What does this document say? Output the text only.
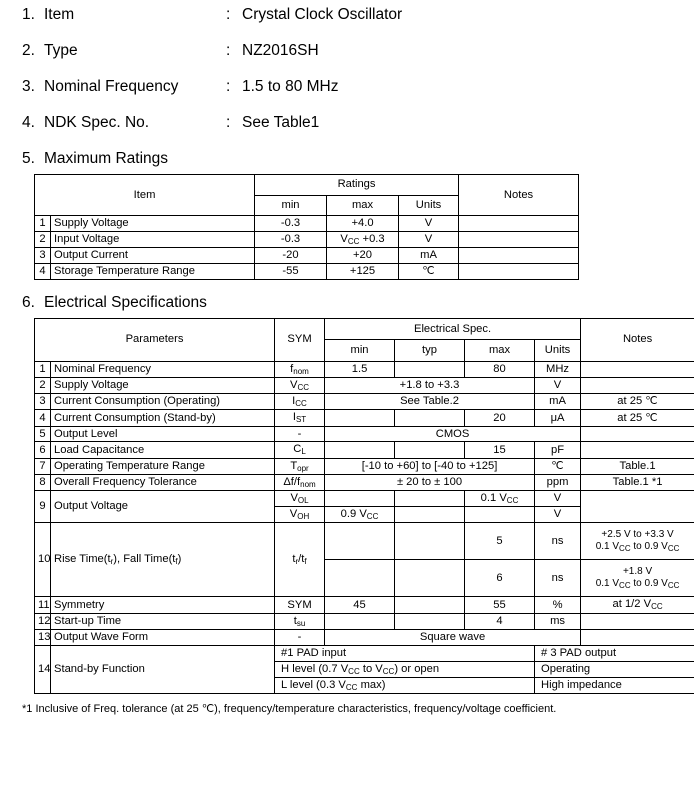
1. Item	: Crystal Clock Oscillator
2. Type	: NZ2016SH
3. Nominal Frequency	: 1.5 to 80 MHz
4. NDK Spec. No.	: See Table1
5. Maximum Ratings
Item		Ratings			Notes
		min	max	Units	
1	Supply Voltage	-0.3	+4.0	V	
2	Input Voltage	-0.3	$V_{CC} +0.3$	V	
3	Output Current	-20	+20	mA	
4	Storage Temperature Range	-55	+125	℃	
6. Electrical Specifications
Parameters		SYM	Electrical Spec.				Notes
			min	typ	max	Units	
1	Nominal Frequency	$f_{nom}$	1.5		80	MHz	
2	Supply Voltage	$V_{CC}$	+1.8 to +3.3			V	
3	Current Consumption (Operating)	$I_{CC}$	See Table.2			mA	at 25 ℃
4	Current Consumption (Stand-by)	$I_{ST}$			20	μA	at 25 ℃
5	Output Level	-	CMOS				
6	Load Capacitance	$C_L$			15	pF	
7	Operating Temperature Range	$T_{opr}$	[-10 to +60] to [-40 to +125]			℃	Table.1
8	Overall Frequency Tolerance	$\Delta f/f_{nom}$	± 20 to ± 100			ppm	Table.1 *1
9	Output Voltage	$V_{OL}$			0.1 $V_{CC}$	V	
		$V_{OH}$	0.9 $V_{CC}$			V	
10	Rise $Time(t_r)$, Fall $Time(t_f)$	$t_r/t_f$			5	ns	+2.5 V to +3.3 V
0.1 $V_{CC}$ to 0.9 $V_{CC}$

					6	ns	+1.8 V
0.1 $V_{CC}$ to 0.9 $V_{CC}$

11	Symmetry	SYM	45		55	%	at 1/2 $V_{CC}$
12	Start-up Time	$t_{su}$			4	ms	
13	Output Wave Form	-	Square wave				
14	Stand-by Function	#1 PAD input				# 3 PAD output	
		H level (0.7 $V_{CC}$ to $V_{CC}$) or open				Operating	
		L level (0.3 $V_{CC}$ max)				High impedance	
*1 Inclusive of Freq. tolerance (at 25 ℃), frequency/temperature characteristics, frequency/voltage coefficient.
